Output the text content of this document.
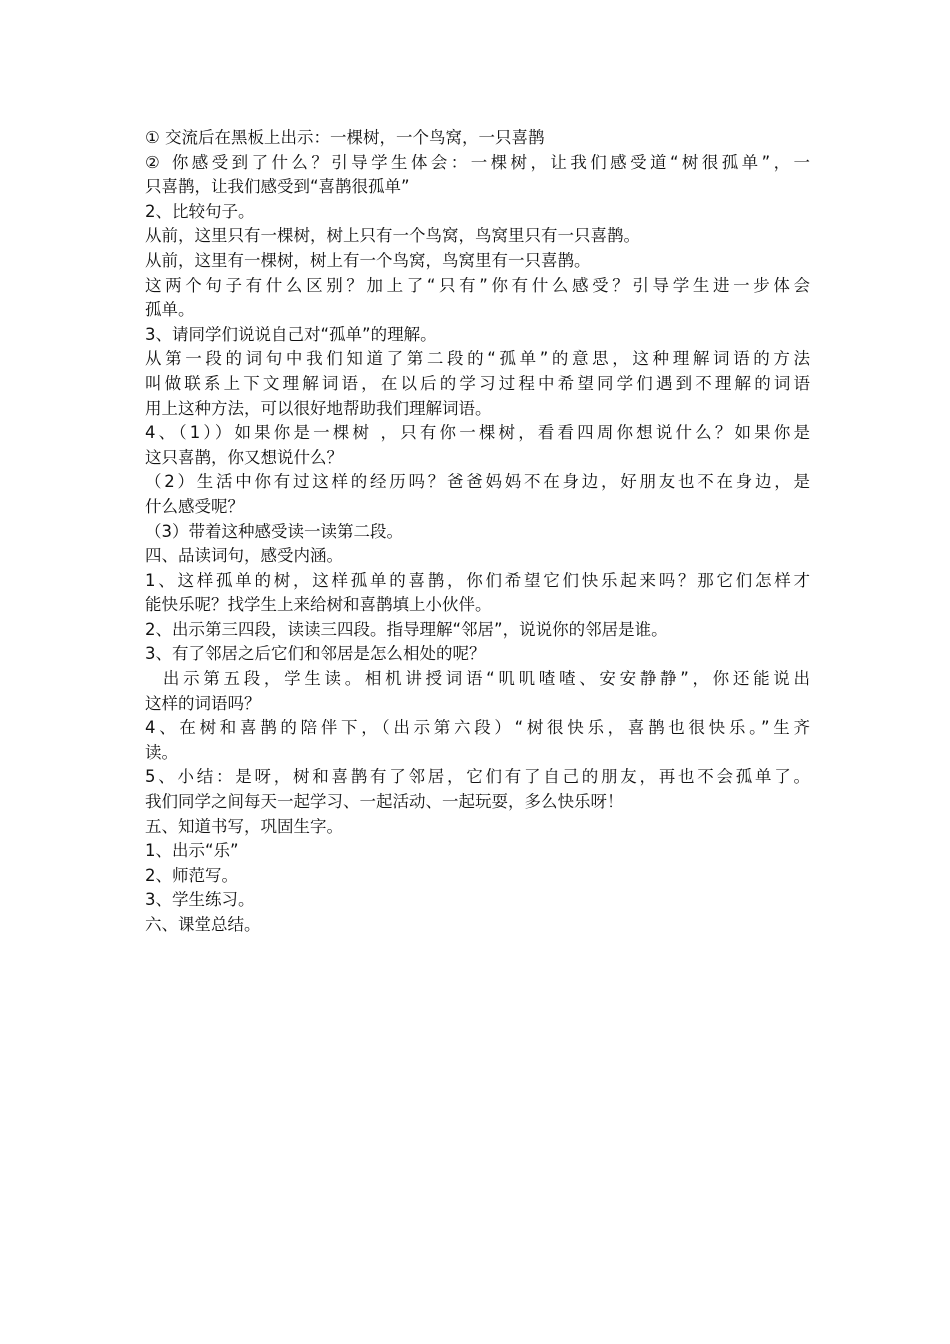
① 交流后在黑板上出示：一棵树，一个鸟窝，一只喜鹊
② 你感受到了什么？引导学生体会：一棵树，让我们感受道“树很孤单”，一
只喜鹊，让我们感受到“喜鹊很孤单”
2、比较句子。
从前，这里只有一棵树，树上只有一个鸟窝，鸟窝里只有一只喜鹊。
从前，这里有一棵树，树上有一个鸟窝，鸟窝里有一只喜鹊。
这两个句子有什么区别？加上了“只有”你有什么感受？引导学生进一步体会
孤单。
3、请同学们说说自己对“孤单”的理解。
从第一段的词句中我们知道了第二段的“孤单”的意思，这种理解词语的方法
叫做联系上下文理解词语，在以后的学习过程中希望同学们遇到不理解的词语
用上这种方法，可以很好地帮助我们理解词语。
4、（1））如果你是一棵树 ，只有你一棵树，看看四周你想说什么？如果你是
这只喜鹊，你又想说什么？
（2）生活中你有过这样的经历吗？爸爸妈妈不在身边，好朋友也不在身边，是
什么感受呢？
（3）带着这种感受读一读第二段。
四、品读词句，感受内涵。
1、这样孤单的树，这样孤单的喜鹊，你们希望它们快乐起来吗？那它们怎样才
能快乐呢？找学生上来给树和喜鹊填上小伙伴。
2、出示第三四段，读读三四段。指导理解“邻居”，说说你的邻居是谁。
3、有了邻居之后它们和邻居是怎么相处的呢？
出示第五段，学生读。相机讲授词语“叽叽喳喳、安安静静”，你还能说出
这样的词语吗？
4、在树和喜鹊的陪伴下，（出示第六段）“树很快乐，喜鹊也很快乐。”生齐
读。
5、小结：是呀，树和喜鹊有了邻居，它们有了自己的朋友，再也不会孤单了。
我们同学之间每天一起学习、一起活动、一起玩耍，多么快乐呀！
五、知道书写，巩固生字。
1、出示“乐”
2、师范写。
3、学生练习。
六、课堂总结。
